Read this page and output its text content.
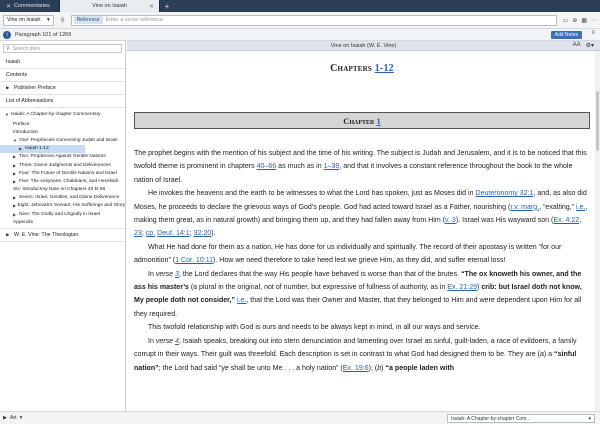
✕ Commentaries	Vine on Isaiah	✕	+
Vine on Isaiah ▾	⚲	Reference	Enter a verse reference	▭ ⊕ ▦ ⋯
i	Paragraph 101 of 1269	Add Notes	≡
⚲ Search titles
Isaiah
Contents
▶ Publisher Preface
List of Abbreviations
▼ Isaiah: A Chapter-by-chapter Commentary
Preface
Introduction
▼ One: Prophecies Concerning Judah and Israel
▶ Isaiah 1-12
▶ Two: Prophecies Against Gentile Nations
▶ Three: Divine Judgments and Deliverances
▶ Four: The Future of Gentile Nations and Israel
▶ Five: The Assyrians, Chaldeans, and Hezekiah
Six: Introductory Note on Chapters 40 to 66
▶ Seven: Israel, Gentiles, and Divine Deliverance
▶ Eight: Jehovah's Servant, His Sufferings and Glory
▶ Nine: The Godly and Ungodly in Israel
Appendix
▶ W. E. Vine: The Theologian
Vine on Isaiah (W. E. Vine)	AA ⚙▾
Chapters 1-12
Chapter
1

The prophet begins with the mention of his subject and the time of his writing. The subject is Judah and Jerusalem, and it is to be noticed that this twofold theme is prominent in chapters 40–66 as much as in 1–39, and that it involves a constant reference throughout the book to the whole nation of Israel.

He invokes the heavens and the earth to be witnesses to what the Lord has spoken, just as Moses did in Deuteronomy 32:1, and, as also did Moses, he proceeds to declare the grievous ways of God’s people. God had acted toward Israel as a Father, nourishing (r.v. marg., “exalting,” i.e., making them great, as in natural growth) and bringing them up, and they had fallen away from Him (v. 3). Israel was His wayward son (Ex. 4:22, 23; cp. Deut. 14:1; 32:20).

What He had done for them as a nation, He has done for us individually and spiritually. The record of their apostasy is written “for our admonition” (1 Cor. 10:11). How we need therefore to take heed lest we grieve Him, as they did, and suffer eternal loss!

In verse 3, the Lord declares that the way His people have behaved is worse than that of the brutes. “The ox knoweth his owner, and the ass his master’s (a plural in the original, not of number, but expressive of fullness of authority, as in Ex. 21:29) crib: but Israel doth not know, My people doth not consider,” i.e., that the Lord was their Owner and Master, that they belonged to Him and were dependent upon Him for all they required.

This twofold relationship with God is ours and needs to be always kept in mind, in all our ways and service.

In verse 4, Isaiah speaks, breaking out into stern denunciation and lamenting over Israel as sinful, guilt-laden, a race of evildoers, a family corrupt in their ways. Their guilt was threefold. Each description is set in contrast to what God had designed them to be. They are (a) a “sinful nation”; the Lord had said “ye shall be unto Me . . . a holy nation” (Ex. 19:6); (b) “a people laden with

▶ Art ▾	Isaiah: A Chapter-by-chapter Com...	▾
